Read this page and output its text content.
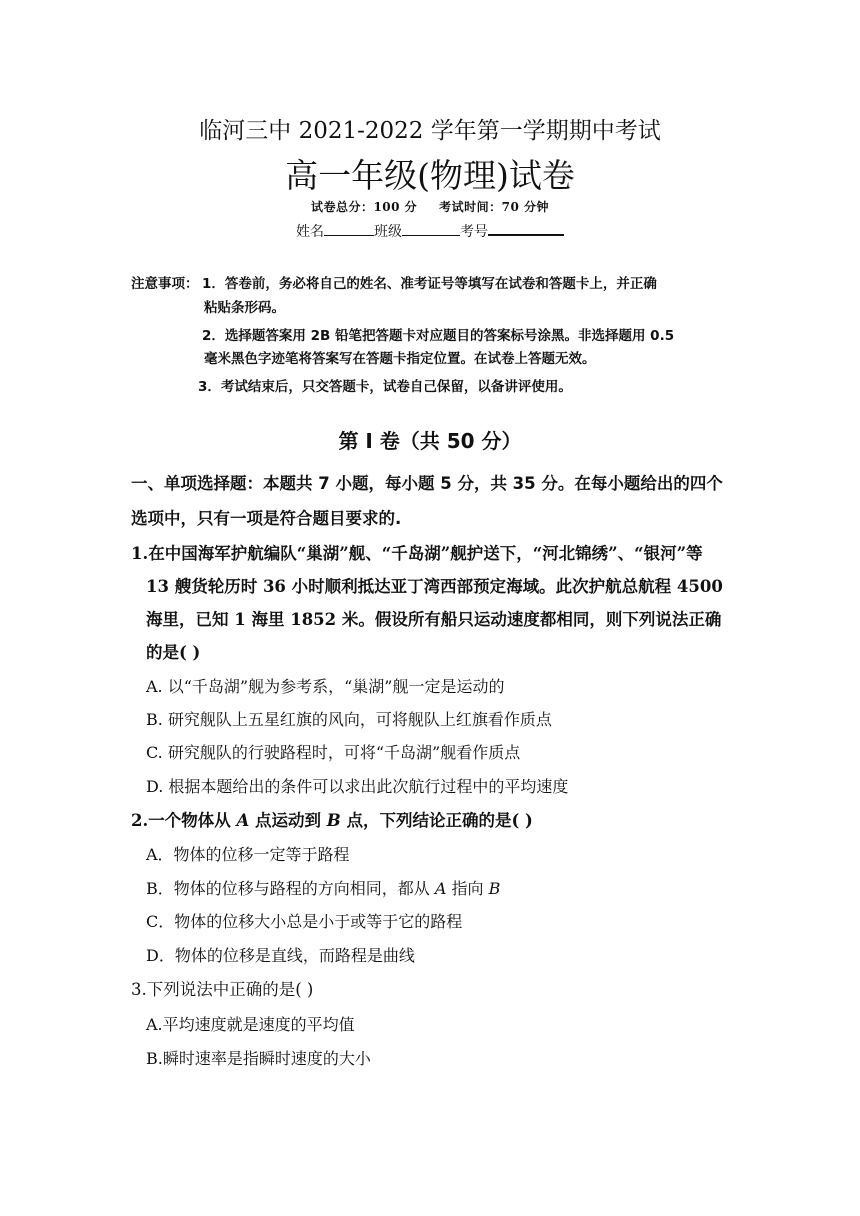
临河三中 2021-2022 学年第一学期期中考试
高一年级(物理)试卷
试卷总分：100 分 考试时间：70 分钟
姓名	班级	考号
注意事项： 1．答卷前，务必将自己的姓名、准考证号等填写在试卷和答题卡上，并正确
粘贴条形码。
2．选择题答案用 2B 铅笔把答题卡对应题目的答案标号涂黑。非选择题用 0.5
毫米黑色字迹笔将答案写在答题卡指定位置。在试卷上答题无效。
3．考试结束后，只交答题卡，试卷自己保留，以备讲评使用。
第 I 卷（共 50 分）
一、单项选择题：本题共 7 小题，每小题 5 分，共 35 分。在每小题给出的四个
选项中，只有一项是符合题目要求的.
1.在中国海军护航编队“巢湖”舰、“千岛湖”舰护送下，“河北锦绣”、“银河”等
13 艘货轮历时 36 小时顺利抵达亚丁湾西部预定海域。此次护航总航程 4500
海里，已知 1 海里 1852 米。假设所有船只运动速度都相同，则下列说法正确
的是( )
A. 以“千岛湖”舰为参考系，“巢湖”舰一定是运动的
B. 研究舰队上五星红旗的风向，可将舰队上红旗看作质点
C. 研究舰队的行驶路程时，可将“千岛湖”舰看作质点
D. 根据本题给出的条件可以求出此次航行过程中的平均速度
2.一个物体从 A 点运动到 B 点，下列结论正确的是( )
A．物体的位移一定等于路程
B．物体的位移与路程的方向相同，都从 A 指向 B
C．物体的位移大小总是小于或等于它的路程
D．物体的位移是直线，而路程是曲线
3.下列说法中正确的是( )
A.平均速度就是速度的平均值
B.瞬时速率是指瞬时速度的大小
